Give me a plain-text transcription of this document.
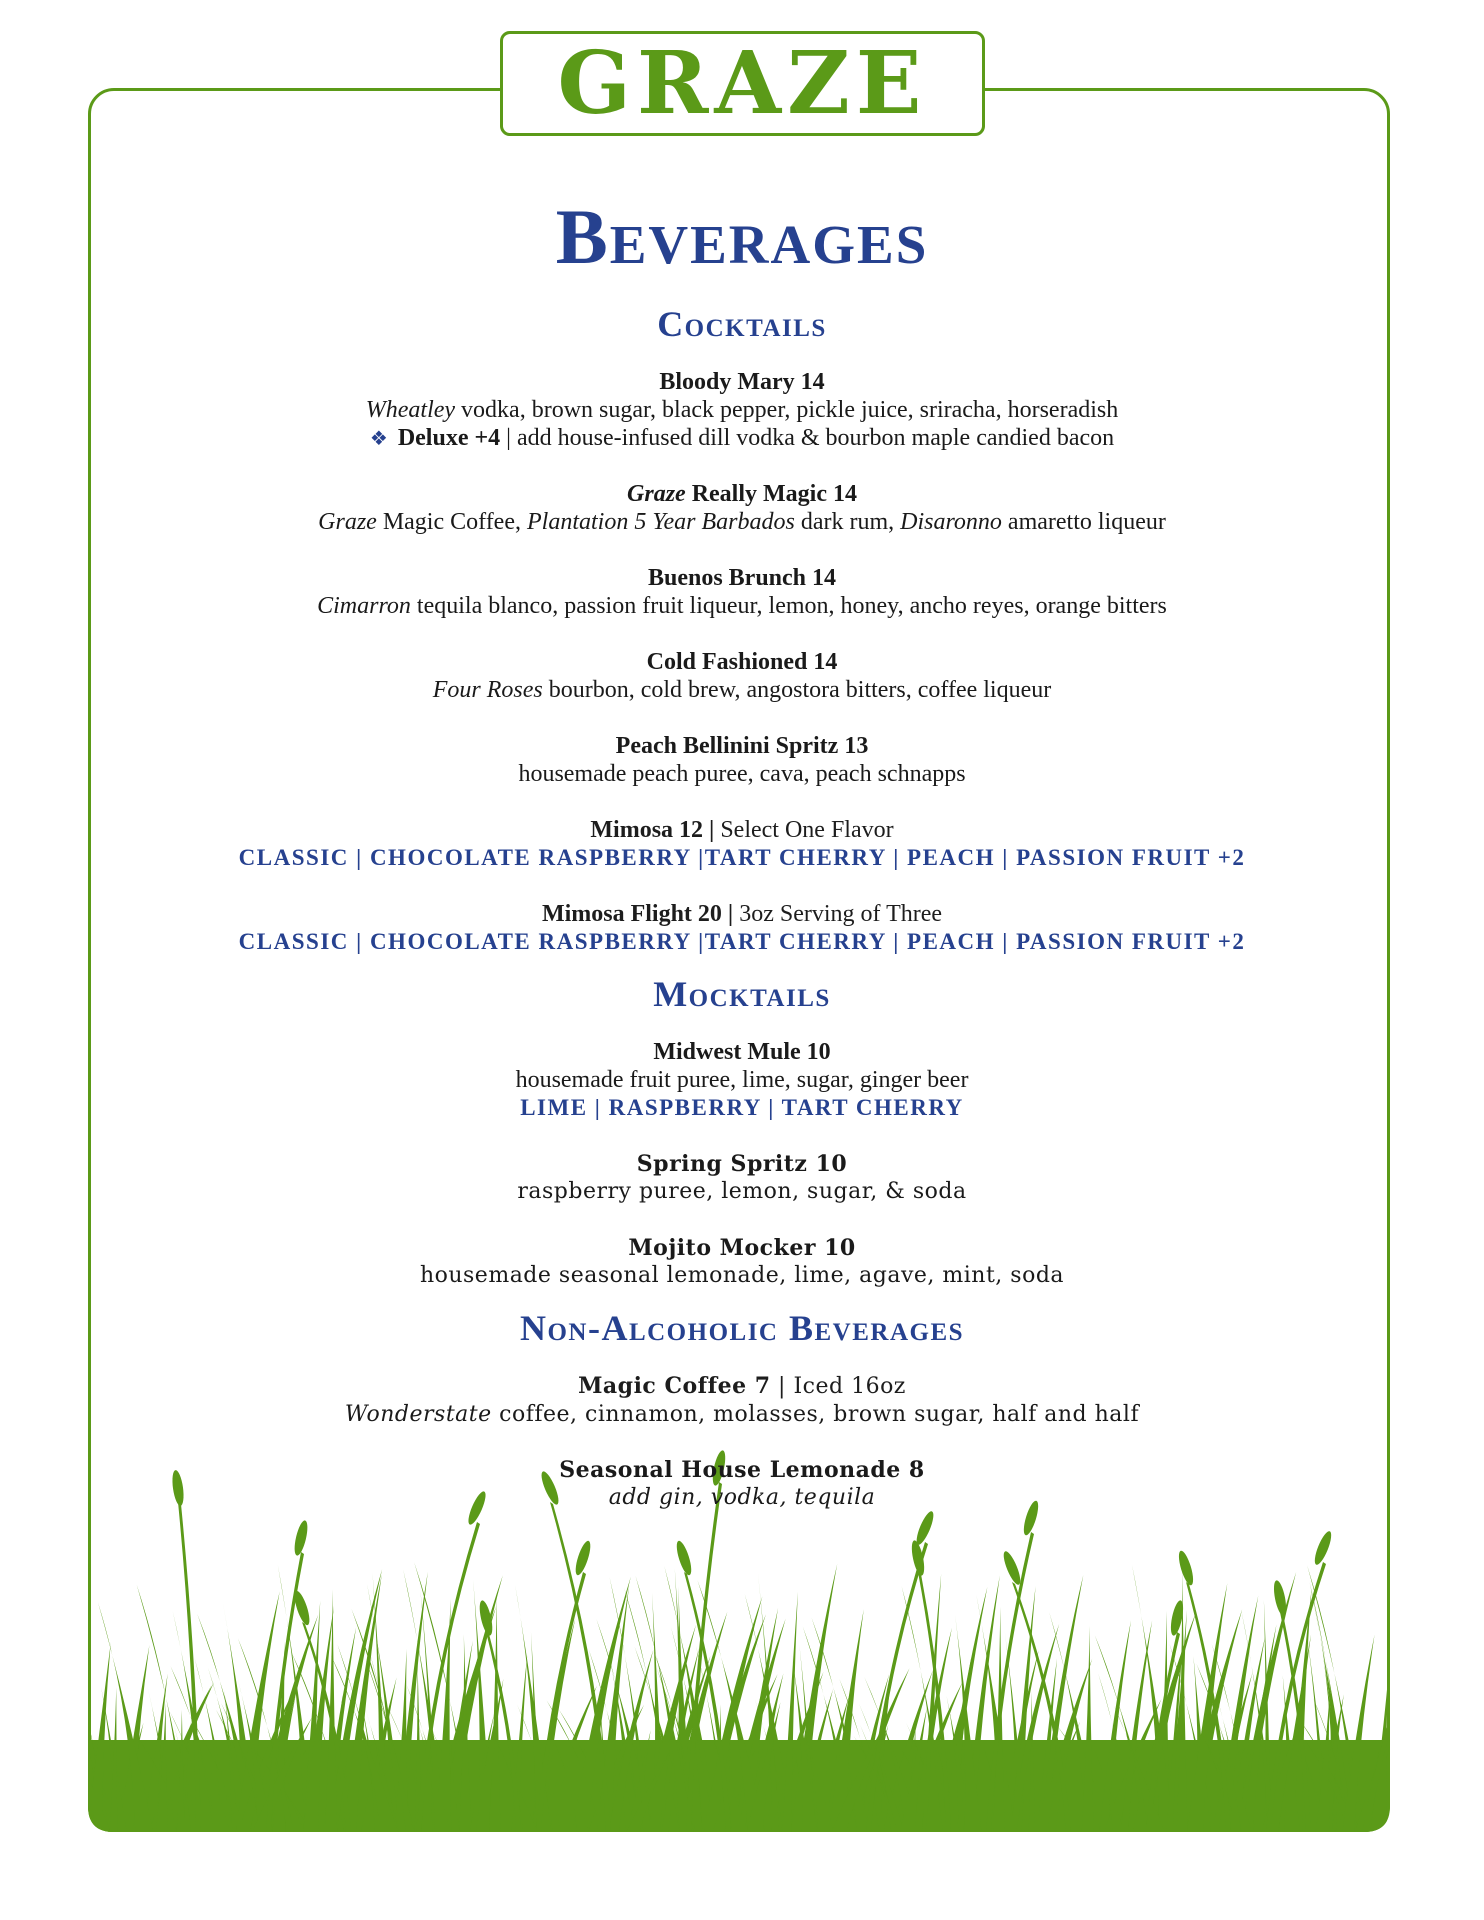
GRAZE
Beverages
Cocktails
Bloody Mary 14
Wheatley vodka, brown sugar, black pepper, pickle juice, sriracha, horseradish
❖ Deluxe +4 | add house-infused dill vodka & bourbon maple candied bacon
Graze Really Magic 14
Graze Magic Coffee, Plantation 5 Year Barbados dark rum, Disaronno amaretto liqueur
Buenos Brunch 14
Cimarron tequila blanco, passion fruit liqueur, lemon, honey, ancho reyes, orange bitters
Cold Fashioned 14
Four Roses bourbon, cold brew, angostora bitters, coffee liqueur
Peach Bellinini Spritz 13
housemade peach puree, cava, peach schnapps
Mimosa 12 | Select One Flavor
CLASSIC | CHOCOLATE RASPBERRY |TART CHERRY | PEACH | PASSION FRUIT +2
Mimosa Flight 20 | 3oz Serving of Three
CLASSIC | CHOCOLATE RASPBERRY |TART CHERRY | PEACH | PASSION FRUIT +2
Mocktails
Midwest Mule 10
housemade fruit puree, lime, sugar, ginger beer
LIME | RASPBERRY | TART CHERRY
Spring Spritz 10
raspberry puree, lemon, sugar, & soda
Mojito Mocker 10
housemade seasonal lemonade, lime, agave, mint, soda
Non-Alcoholic Beverages
Magic Coffee 7 | Iced 16oz
Wonderstate coffee, cinnamon, molasses, brown sugar, half and half
Seasonal House Lemonade 8
add gin, vodka, tequila
